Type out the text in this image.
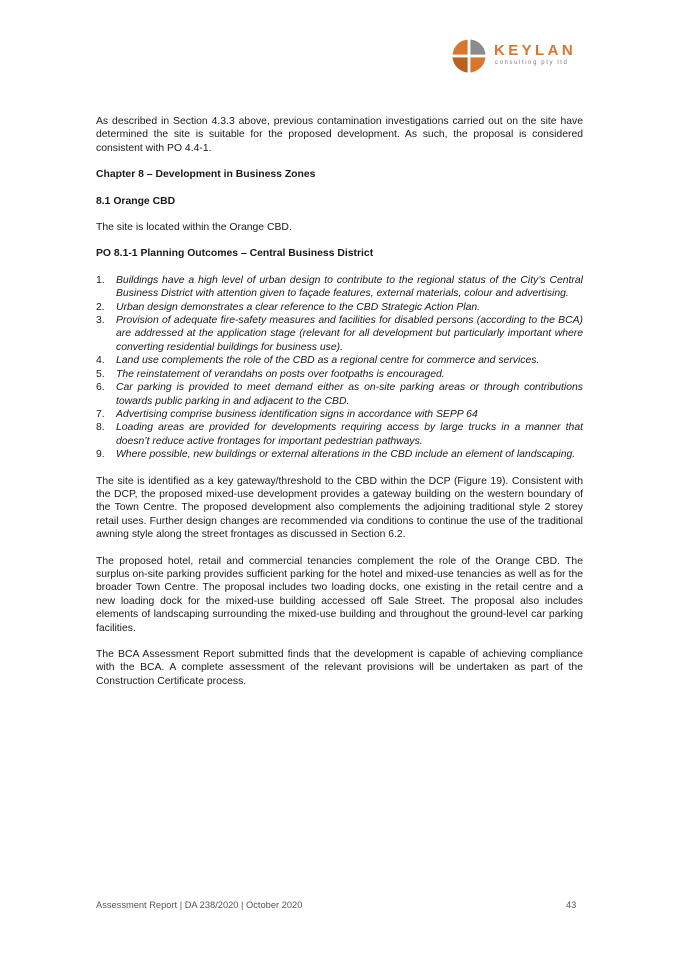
KEYLAN
consulting pty ltd

As described in Section 4.3.3 above, previous contamination investigations carried out on the site have determined the site is suitable for the proposed development. As such, the proposal is considered consistent with PO 4.4-1.

Chapter 8 – Development in Business Zones
8.1 Orange CBD

The site is located within the Orange CBD.

PO 8.1-1 Planning Outcomes – Central Business District
1.	Buildings have a high level of urban design to contribute to the regional status of the City’s Central Business District with attention given to façade features, external materials, colour and advertising.
2.	Urban design demonstrates a clear reference to the CBD Strategic Action Plan.
3.	Provision of adequate fire-safety measures and facilities for disabled persons (according to the BCA) are addressed at the application stage (relevant for all development but particularly important where converting residential buildings for business use).
4.	Land use complements the role of the CBD as a regional centre for commerce and services.
5.	The reinstatement of verandahs on posts over footpaths is encouraged.
6.	Car parking is provided to meet demand either as on-site parking areas or through contributions towards public parking in and adjacent to the CBD.
7.	Advertising comprise business identification signs in accordance with SEPP 64
8.	Loading areas are provided for developments requiring access by large trucks in a manner that doesn’t reduce active frontages for important pedestrian pathways.
9.	Where possible, new buildings or external alterations in the CBD include an element of landscaping.

The site is identified as a key gateway/threshold to the CBD within the DCP (Figure 19). Consistent with the DCP, the proposed mixed-use development provides a gateway building on the western boundary of the Town Centre. The proposed development also complements the adjoining traditional style 2 storey retail uses. Further design changes are recommended via conditions to continue the use of the traditional awning style along the street frontages as discussed in Section 6.2.

The proposed hotel, retail and commercial tenancies complement the role of the Orange CBD. The surplus on-site parking provides sufficient parking for the hotel and mixed-use tenancies as well as for the broader Town Centre. The proposal includes two loading docks, one existing in the retail centre and a new loading dock for the mixed-use building accessed off Sale Street. The proposal also includes elements of landscaping surrounding the mixed-use building and throughout the ground-level car parking facilities.

The BCA Assessment Report submitted finds that the development is capable of achieving compliance with the BCA. A complete assessment of the relevant provisions will be undertaken as part of the Construction Certificate process.

Assessment Report | DA 238/2020 | October 2020	43
